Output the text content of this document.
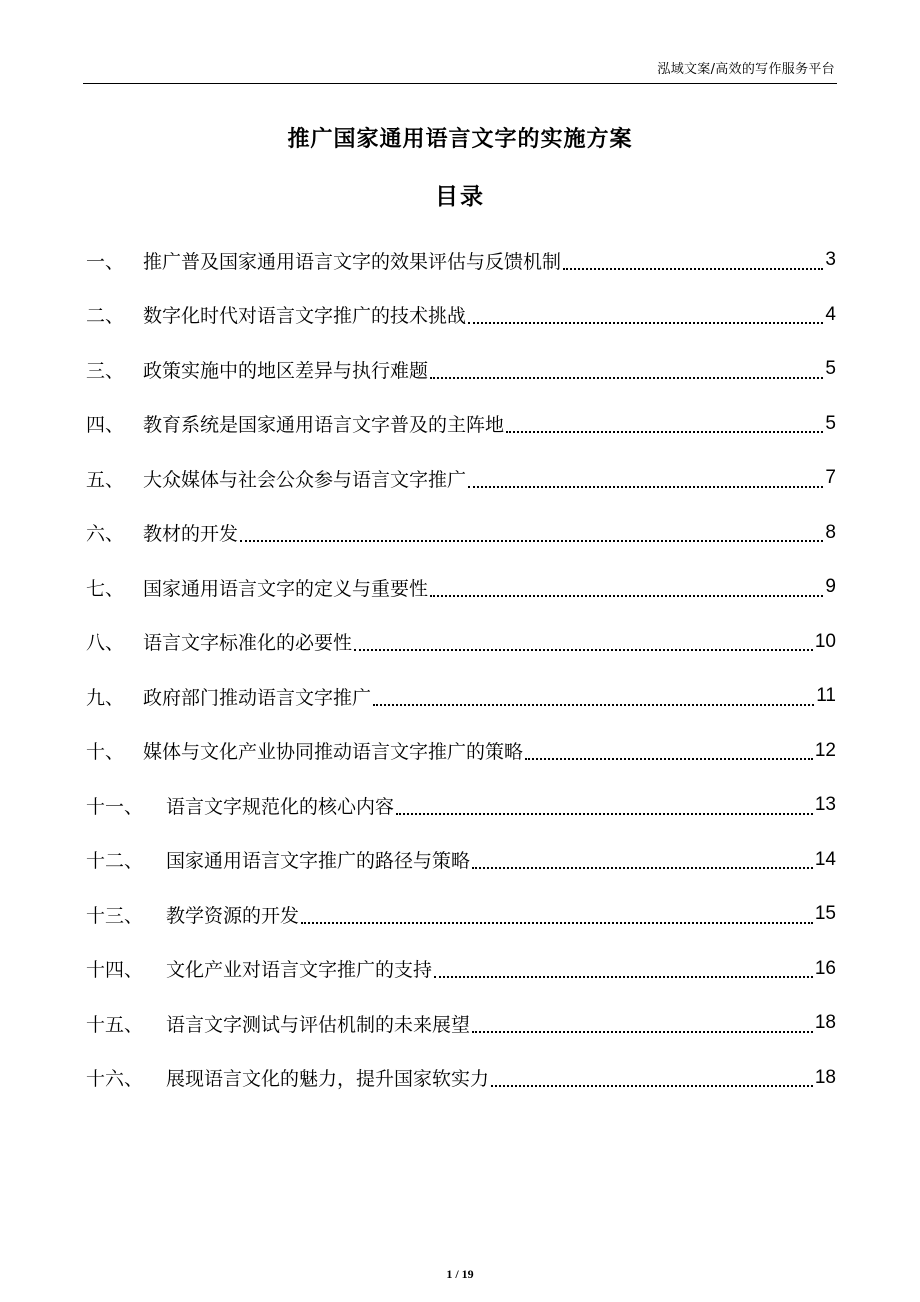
泓域文案/高效的写作服务平台
推广国家通用语言文字的实施方案
目录
一、 推广普及国家通用语言文字的效果评估与反馈机制	3
二、 数字化时代对语言文字推广的技术挑战	4
三、 政策实施中的地区差异与执行难题	5
四、 教育系统是国家通用语言文字普及的主阵地	5
五、 大众媒体与社会公众参与语言文字推广	7
六、 教材的开发	8
七、 国家通用语言文字的定义与重要性	9
八、 语言文字标准化的必要性	10
九、 政府部门推动语言文字推广	11
十、 媒体与文化产业协同推动语言文字推广的策略	12
十一、	语言文字规范化的核心内容	13
十二、	国家通用语言文字推广的路径与策略	14
十三、	教学资源的开发	15
十四、	文化产业对语言文字推广的支持	16
十五、	语言文字测试与评估机制的未来展望	18
十六、	展现语言文化的魅力，提升国家软实力	18
1 / 19
